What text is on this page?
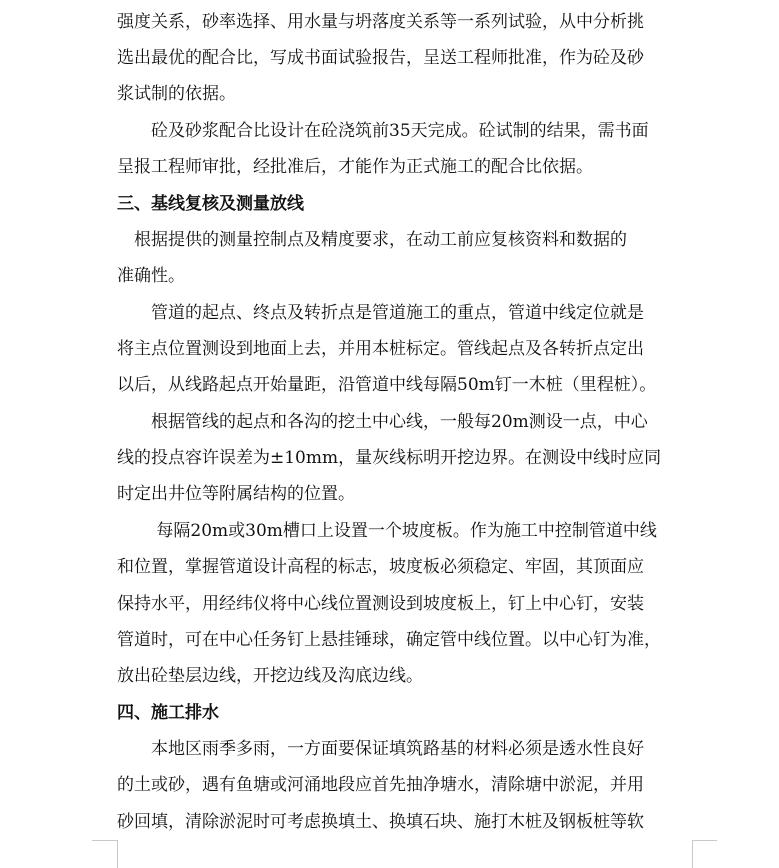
强度关系，砂率选择、用水量与坍落度关系等一系列试验，从中分析挑
选出最优的配合比，写成书面试验报告，呈送工程师批准，作为砼及砂
浆试制的依据。
　　砼及砂浆配合比设计在砼浇筑前35天完成。砼试制的结果，需书面
呈报工程师审批，经批准后，才能作为正式施工的配合比依据。
三、基线复核及测量放线
　根据提供的测量控制点及精度要求，在动工前应复核资料和数据的
准确性。
　　管道的起点、终点及转折点是管道施工的重点，管道中线定位就是
将主点位置测设到地面上去，并用本桩标定。管线起点及各转折点定出
以后，从线路起点开始量距，沿管道中线每隔50m钉一木桩（里程桩）。
　　根据管线的起点和各沟的挖土中心线，一般每20m测设一点，中心
线的投点容许误差为±10mm，量灰线标明开挖边界。在测设中线时应同
时定出井位等附属结构的位置。
　　 每隔20m或30m槽口上设置一个坡度板。作为施工中控制管道中线
和位置，掌握管道设计高程的标志，坡度板必须稳定、牢固，其顶面应
保持水平，用经纬仪将中心线位置测设到坡度板上，钉上中心钉，安装
管道时，可在中心任务钉上悬挂锤球，确定管中线位置。以中心钉为准，
放出砼垫层边线，开挖边线及沟底边线。
四、施工排水
　　本地区雨季多雨，一方面要保证填筑路基的材料必须是透水性良好
的土或砂，遇有鱼塘或河涌地段应首先抽净塘水，清除塘中淤泥，并用
砂回填，清除淤泥时可考虑换填土、换填石块、施打木桩及钢板桩等软
